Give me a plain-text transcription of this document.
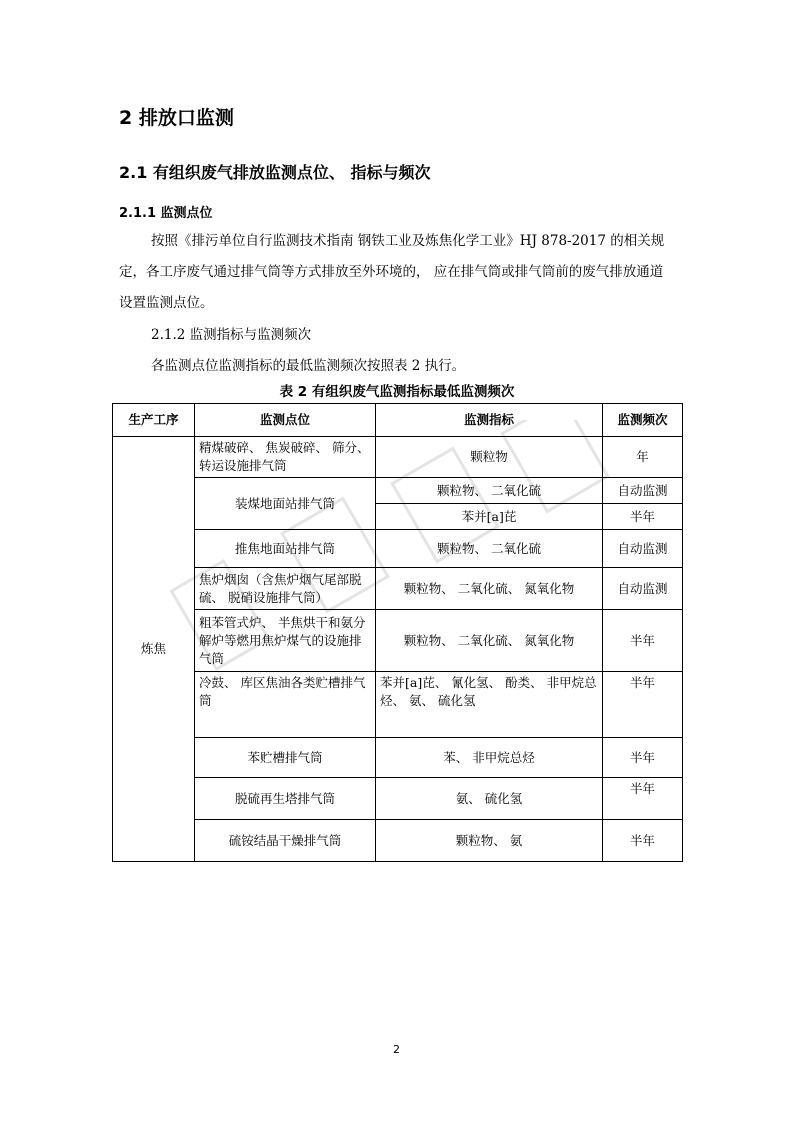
2 排放口监测
2.1 有组织废气排放监测点位、 指标与频次
2.1.1 监测点位
按照《排污单位自行监测技术指南 钢铁工业及炼焦化学工业》HJ 878-2017 的相关规定，各工序废气通过排气筒等方式排放至外环境的， 应在排气筒或排气筒前的废气排放通道设置监测点位。
2.1.2 监测指标与监测频次
各监测点位监测指标的最低监测频次按照表 2 执行。
表 2 有组织废气监测指标最低监测频次
生产工序	监测点位	监测指标	监测频次
炼焦	精煤破碎、 焦炭破碎、 筛分、 转运设施排气筒	颗粒物	年
	装煤地面站排气筒	颗粒物、 二氧化硫	自动监测
		苯并[a]芘	半年
	推焦地面站排气筒	颗粒物、 二氧化硫	自动监测
	焦炉烟囱（含焦炉烟气尾部脱硫、 脱硝设施排气筒）	颗粒物、 二氧化硫、 氮氧化物	自动监测
	粗苯管式炉、 半焦烘干和氨分解炉等燃用焦炉煤气的设施排气筒	颗粒物、 二氧化硫、 氮氧化物	半年
	冷鼓、 库区焦油各类贮槽排气筒	苯并[a]芘、 氰化氢、 酚类、 非甲烷总烃、 氨、 硫化氢	半年
	苯贮槽排气筒	苯、 非甲烷总烃	半年
	脱硫再生塔排气筒	氨、 硫化氢	半年
	硫铵结晶干燥排气筒	颗粒物、 氨	半年
2
